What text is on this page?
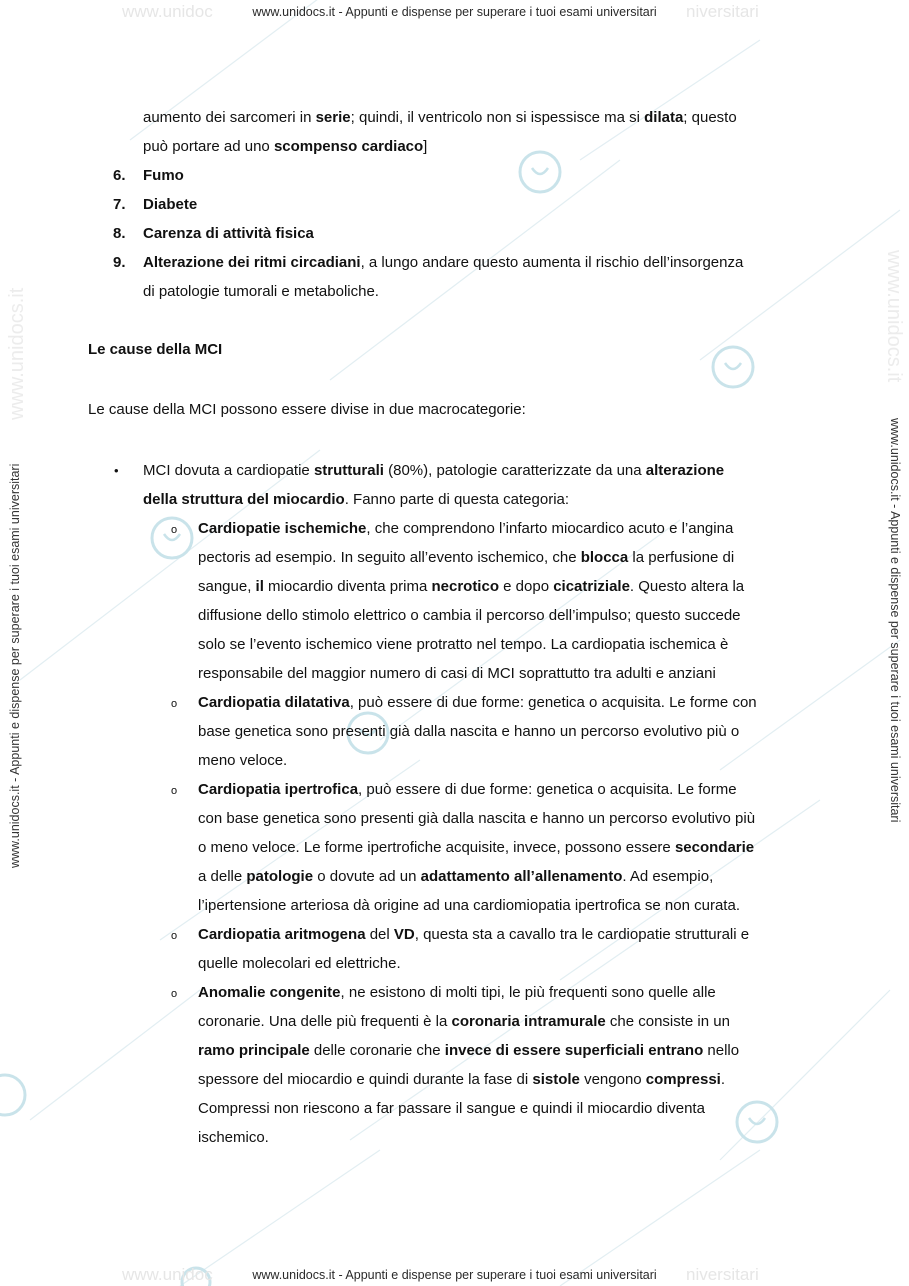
www.unidoc	niversitari
www.unidocs.it - Appunti e dispense per superare i tuoi esami universitari
www.unidoc	niversitari
www.unidocs.it - Appunti e dispense per superare i tuoi esami universitari
www.unidocs.it - Appunti e dispense per superare i tuoi esami universitari	www.unidocs.it - Appunti e dispense per superare i tuoi esami universitari
www.unidocs.it	www.unidocs.it
aumento dei sarcomeri in serie; quindi, il ventricolo non si ispessisce ma si dilata; questo
può portare ad uno scompenso cardiaco]
6. Fumo
7. Diabete
8. Carenza di attività fisica
9. Alterazione dei ritmi circadiani, a lungo andare questo aumenta il rischio dell’insorgenza
di patologie tumorali e metaboliche.
Le cause della MCI
Le cause della MCI possono essere divise in due macrocategorie:
• MCI dovuta a cardiopatie strutturali (80%), patologie caratterizzate da una alterazione
della struttura del miocardio. Fanno parte di questa categoria:
o Cardiopatie ischemiche, che comprendono l’infarto miocardico acuto e l’angina
pectoris ad esempio. In seguito all’evento ischemico, che blocca la perfusione di
sangue, il miocardio diventa prima necrotico e dopo cicatriziale. Questo altera la
diffusione dello stimolo elettrico o cambia il percorso dell’impulso; questo succede
solo se l’evento ischemico viene protratto nel tempo. La cardiopatia ischemica è
responsabile del maggior numero di casi di MCI soprattutto tra adulti e anziani
o Cardiopatia dilatativa, può essere di due forme: genetica o acquisita. Le forme con
base genetica sono presenti già dalla nascita e hanno un percorso evolutivo più o
meno veloce.
o Cardiopatia ipertrofica, può essere di due forme: genetica o acquisita. Le forme
con base genetica sono presenti già dalla nascita e hanno un percorso evolutivo più
o meno veloce. Le forme ipertrofiche acquisite, invece, possono essere secondarie
a delle patologie o dovute ad un adattamento all’allenamento. Ad esempio,
l’ipertensione arteriosa dà origine ad una cardiomiopatia ipertrofica se non curata.
o Cardiopatia aritmogena del VD, questa sta a cavallo tra le cardiopatie strutturali e
quelle molecolari ed elettriche.
o Anomalie congenite, ne esistono di molti tipi, le più frequenti sono quelle alle
coronarie. Una delle più frequenti è la coronaria intramurale che consiste in un
ramo principale delle coronarie che invece di essere superficiali entrano nello
spessore del miocardio e quindi durante la fase di sistole vengono compressi.
Compressi non riescono a far passare il sangue e quindi il miocardio diventa
ischemico.
